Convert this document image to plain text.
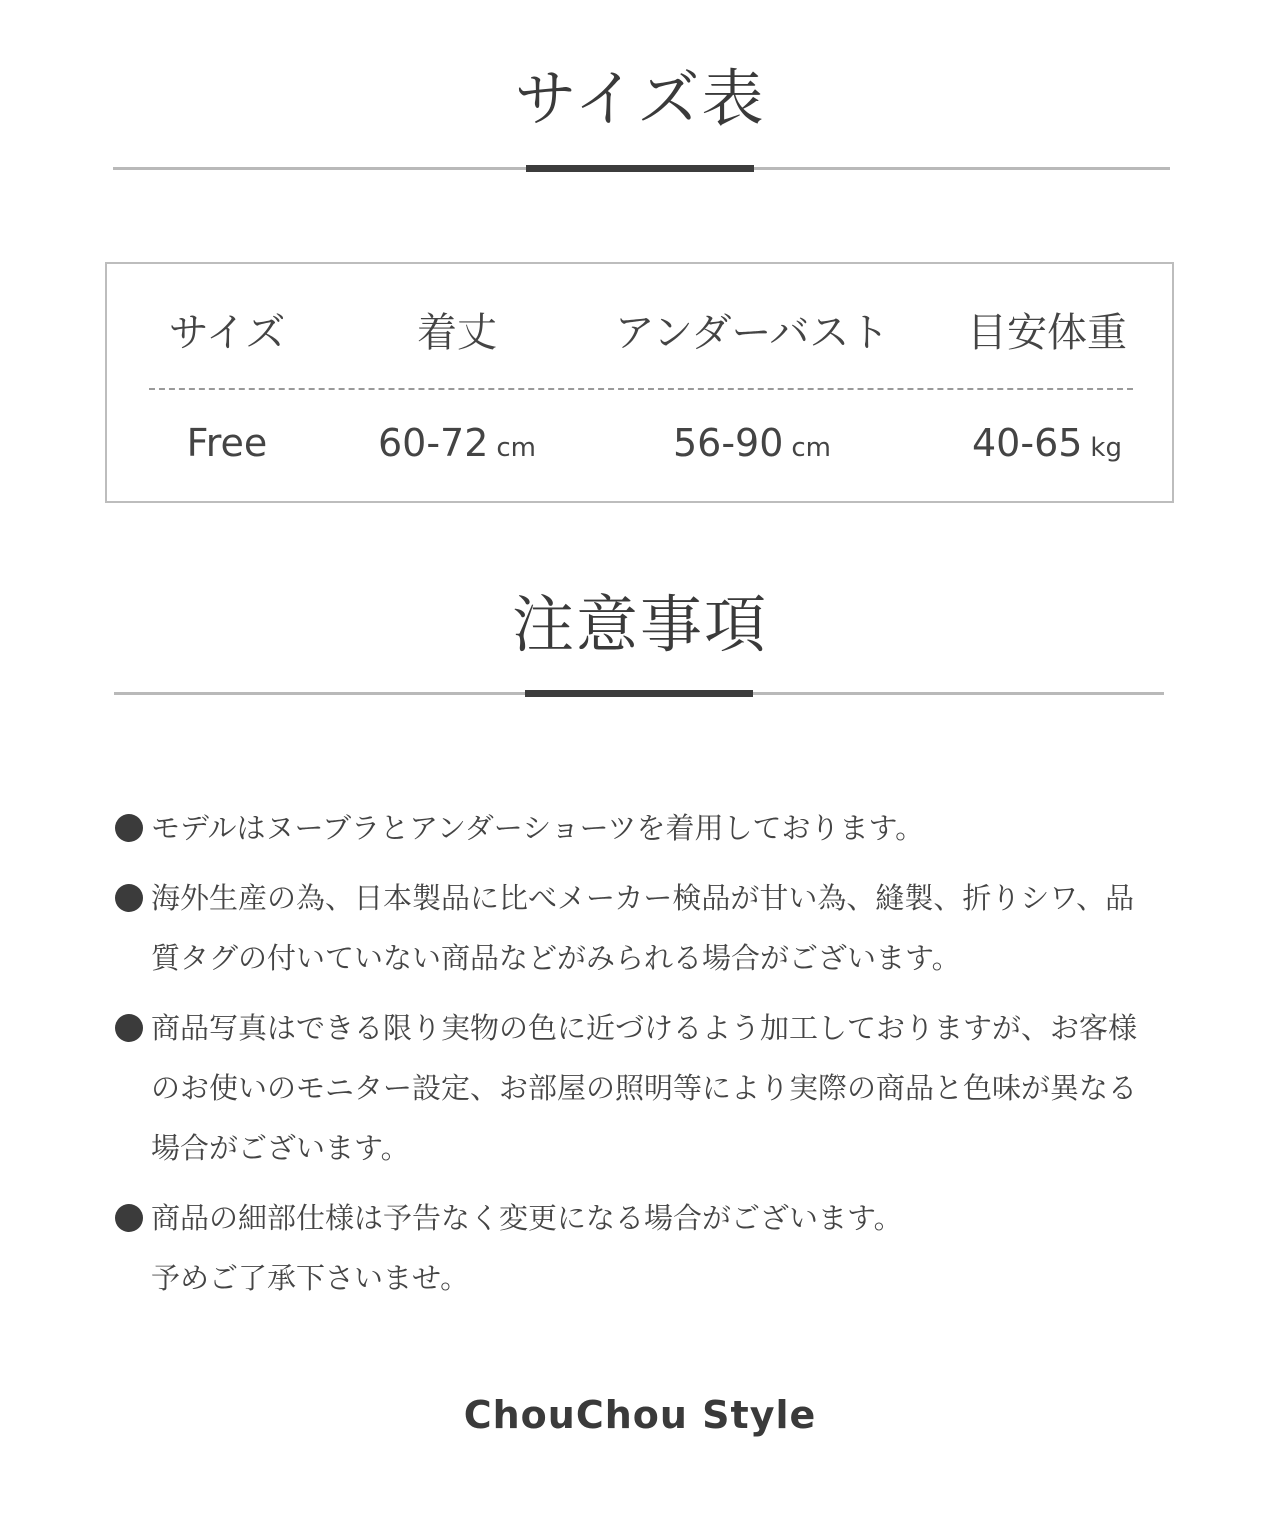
サイズ表
サイズ	着丈	アンダーバスト	目安体重
Free	60-72 cm	56-90 cm	40-65 kg
注意事項
モデルはヌーブラとアンダーショーツを着用しております。
海外生産の為、日本製品に比べメーカー検品が甘い為、縫製、折りシワ、品
質タグの付いていない商品などがみられる場合がございます。
商品写真はできる限り実物の色に近づけるよう加工しておりますが、お客様
のお使いのモニター設定、お部屋の照明等により実際の商品と色味が異なる
場合がございます。
商品の細部仕様は予告なく変更になる場合がございます。
予めご了承下さいませ。
ChouChou Style
